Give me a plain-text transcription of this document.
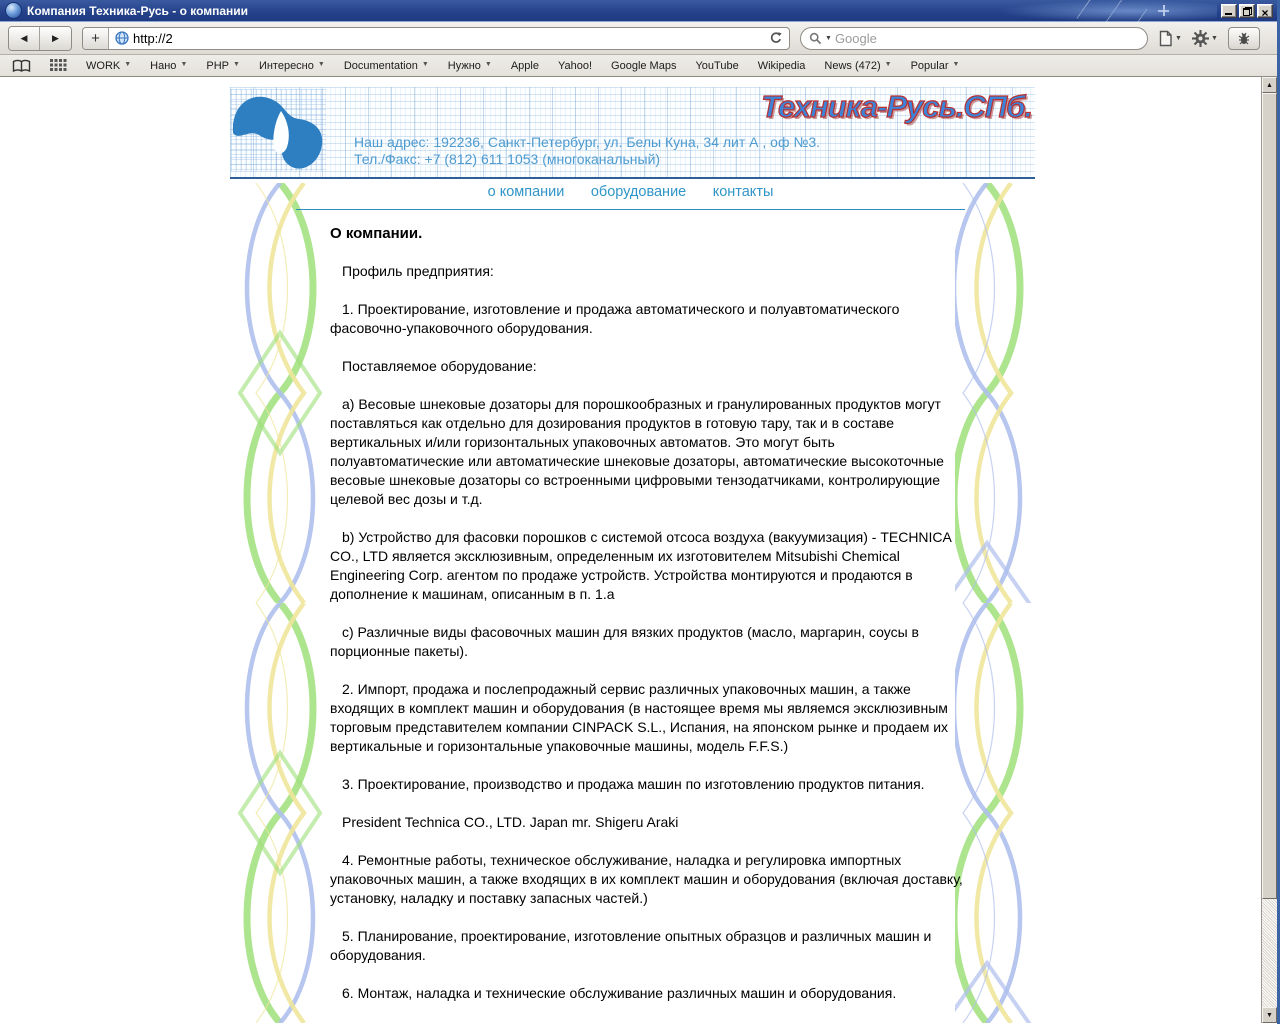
Компания Техника-Русь - о компании	×
◀	▶	+	http://2	▼ Google	▼	▼
WORK ▼ Нано ▼ PHP ▼ Интересно ▼ Documentation ▼ Нужно ▼ Apple Yahoo! Google Maps YouTube Wikipedia News (472) ▼ Popular ▼
Техника-Русь.СПб.
Наш адрес: 192236, Санкт-Петербург, ул. Белы Куна, 34 лит А , оф №3.
Тел./Факс: +7 (812) 611 1053 (многоканальный)
о компании оборудование контакты
О компании.

Профиль предприятия:

1. Проектирование, изготовление и продажа автоматического и полуавтоматического фасовочно-упаковочного оборудования.

Поставляемое оборудование:

а) Весовые шнековые дозаторы для порошкообразных и гранулированных продуктов могут поставляться как отдельно для дозирования продуктов в готовую тару, так и в составе вертикальных и/или горизонтальных упаковочных автоматов. Это могут быть полуавтоматические или автоматические шнековые дозаторы, автоматические высокоточные весовые шнековые дозаторы со встроенными цифровыми тензодатчиками, контролирующие целевой вес дозы и т.д.

b) Устройство для фасовки порошков с системой отсоса воздуха (вакуумизация) - TECHNICA CO., LTD является эксклюзивным, определенным их изготовителем Mitsubishi Chemical Engineering Corp. агентом по продаже устройств. Устройства монтируются и продаются в дополнение к машинам, описанным в п. 1.а

c) Различные виды фасовочных машин для вязких продуктов (масло, маргарин, соусы в порционные пакеты).

2. Импорт, продажа и послепродажный сервис различных упаковочных машин, а также входящих в комплект машин и оборудования (в настоящее время мы являемся эксклюзивным торговым представителем компании CINPACK S.L., Испания, на японском рынке и продаем их вертикальные и горизонтальные упаковочные машины, модель F.F.S.)

3. Проектирование, производство и продажа машин по изготовлению продуктов питания.

President Technica CO., LTD. Japan mr. Shigeru Araki

4. Ремонтные работы, техническое обслуживание, наладка и регулировка импортных упаковочных машин, а также входящих в их комплект машин и оборудования (включая доставку, установку, наладку и поставку запасных частей.)

5. Планирование, проектирование, изготовление опытных образцов и различных машин и оборудования.

6. Монтаж, наладка и технические обслуживание различных машин и оборудования.

▲
▼
